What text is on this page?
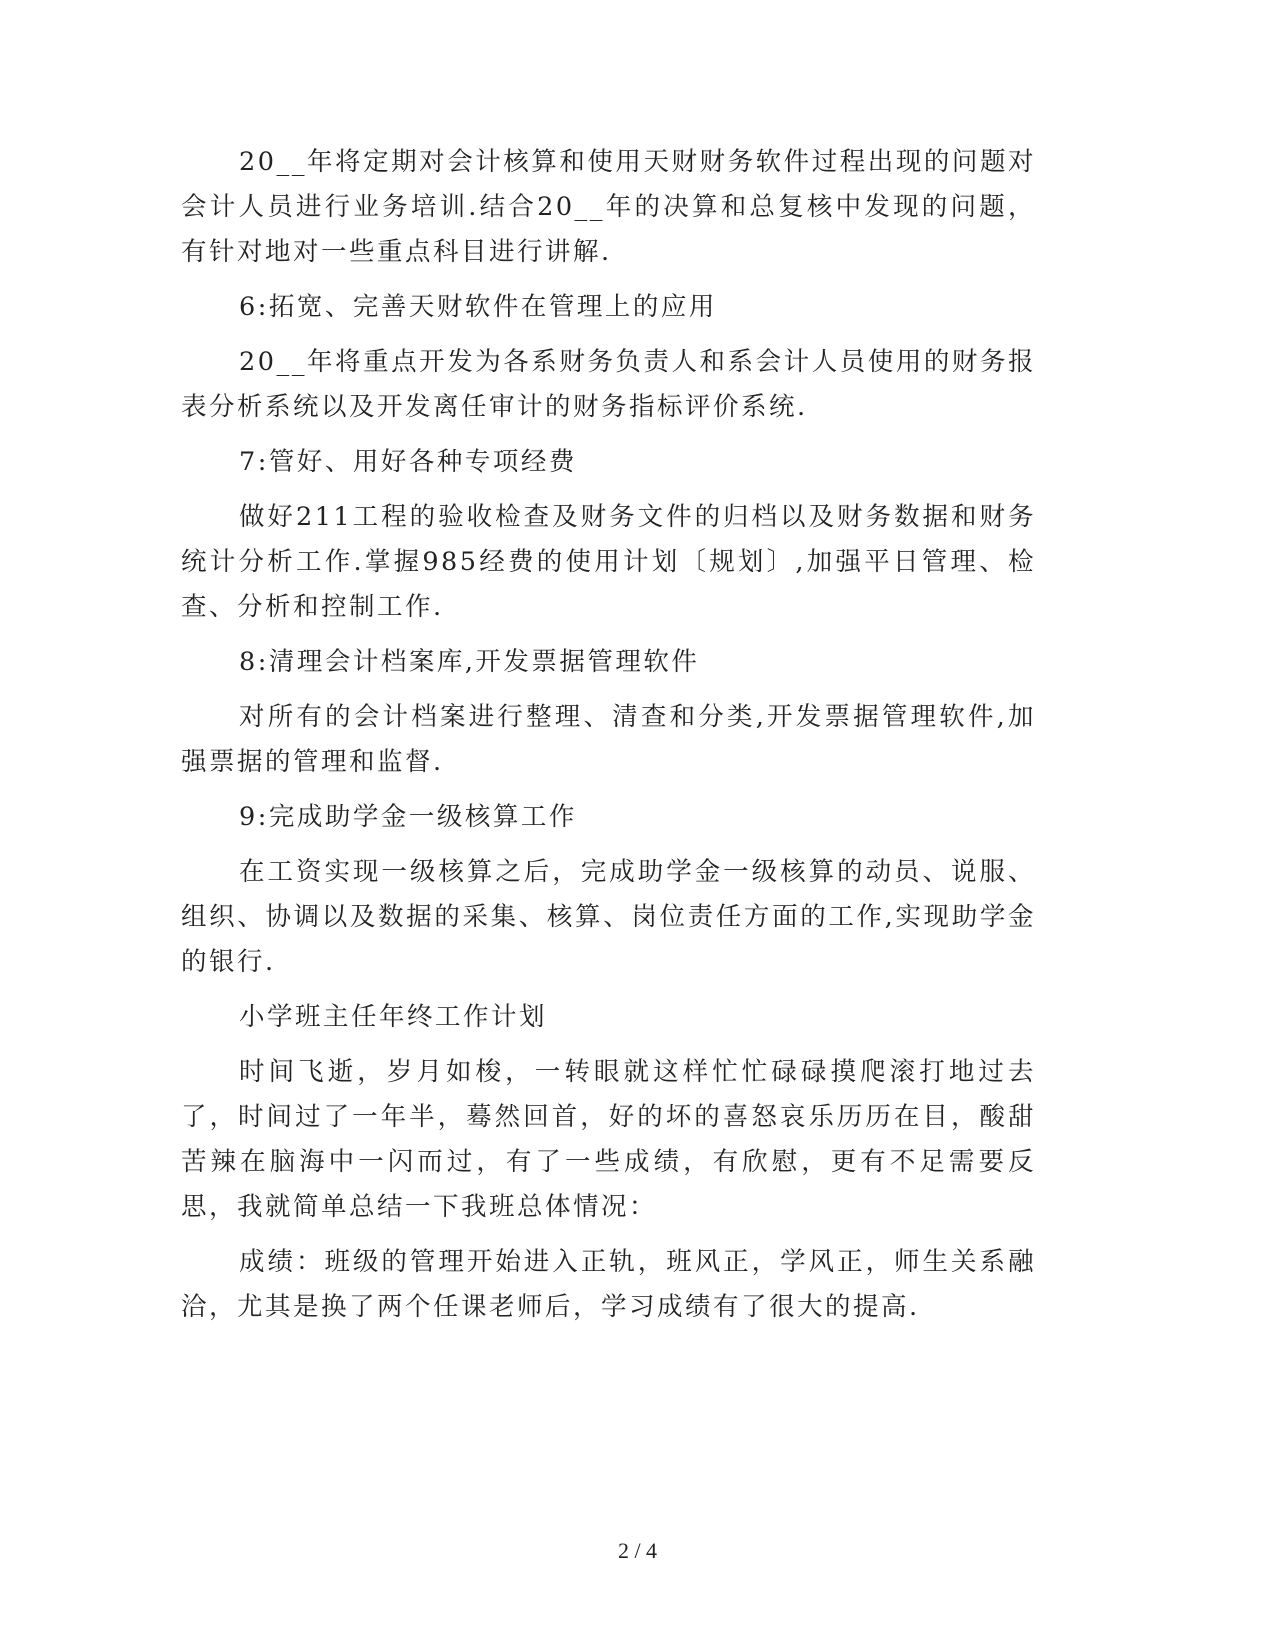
20__年将定期对会计核算和使用天财财务软件过程出现的问题对会计人员进行业务培训.结合20__年的决算和总复核中发现的问题，有针对地对一些重点科目进行讲解.

6:拓宽、完善天财软件在管理上的应用

20__年将重点开发为各系财务负责人和系会计人员使用的财务报表分析系统以及开发离任审计的财务指标评价系统.

7:管好、用好各种专项经费

做好211工程的验收检查及财务文件的归档以及财务数据和财务统计分析工作.掌握985经费的使用计划〔规划〕,加强平日管理、检查、分析和控制工作.

8:清理会计档案库,开发票据管理软件

对所有的会计档案进行整理、清查和分类,开发票据管理软件,加强票据的管理和监督.

9:完成助学金一级核算工作

在工资实现一级核算之后，完成助学金一级核算的动员、说服、组织、协调以及数据的采集、核算、岗位责任方面的工作,实现助学金的银行.

小学班主任年终工作计划

时间飞逝，岁月如梭，一转眼就这样忙忙碌碌摸爬滚打地过去了，时间过了一年半，蓦然回首，好的坏的喜怒哀乐历历在目，酸甜苦辣在脑海中一闪而过，有了一些成绩，有欣慰，更有不足需要反思，我就简单总结一下我班总体情况：

成绩：班级的管理开始进入正轨，班风正，学风正，师生关系融洽，尤其是换了两个任课老师后，学习成绩有了很大的提高.

2 / 4
